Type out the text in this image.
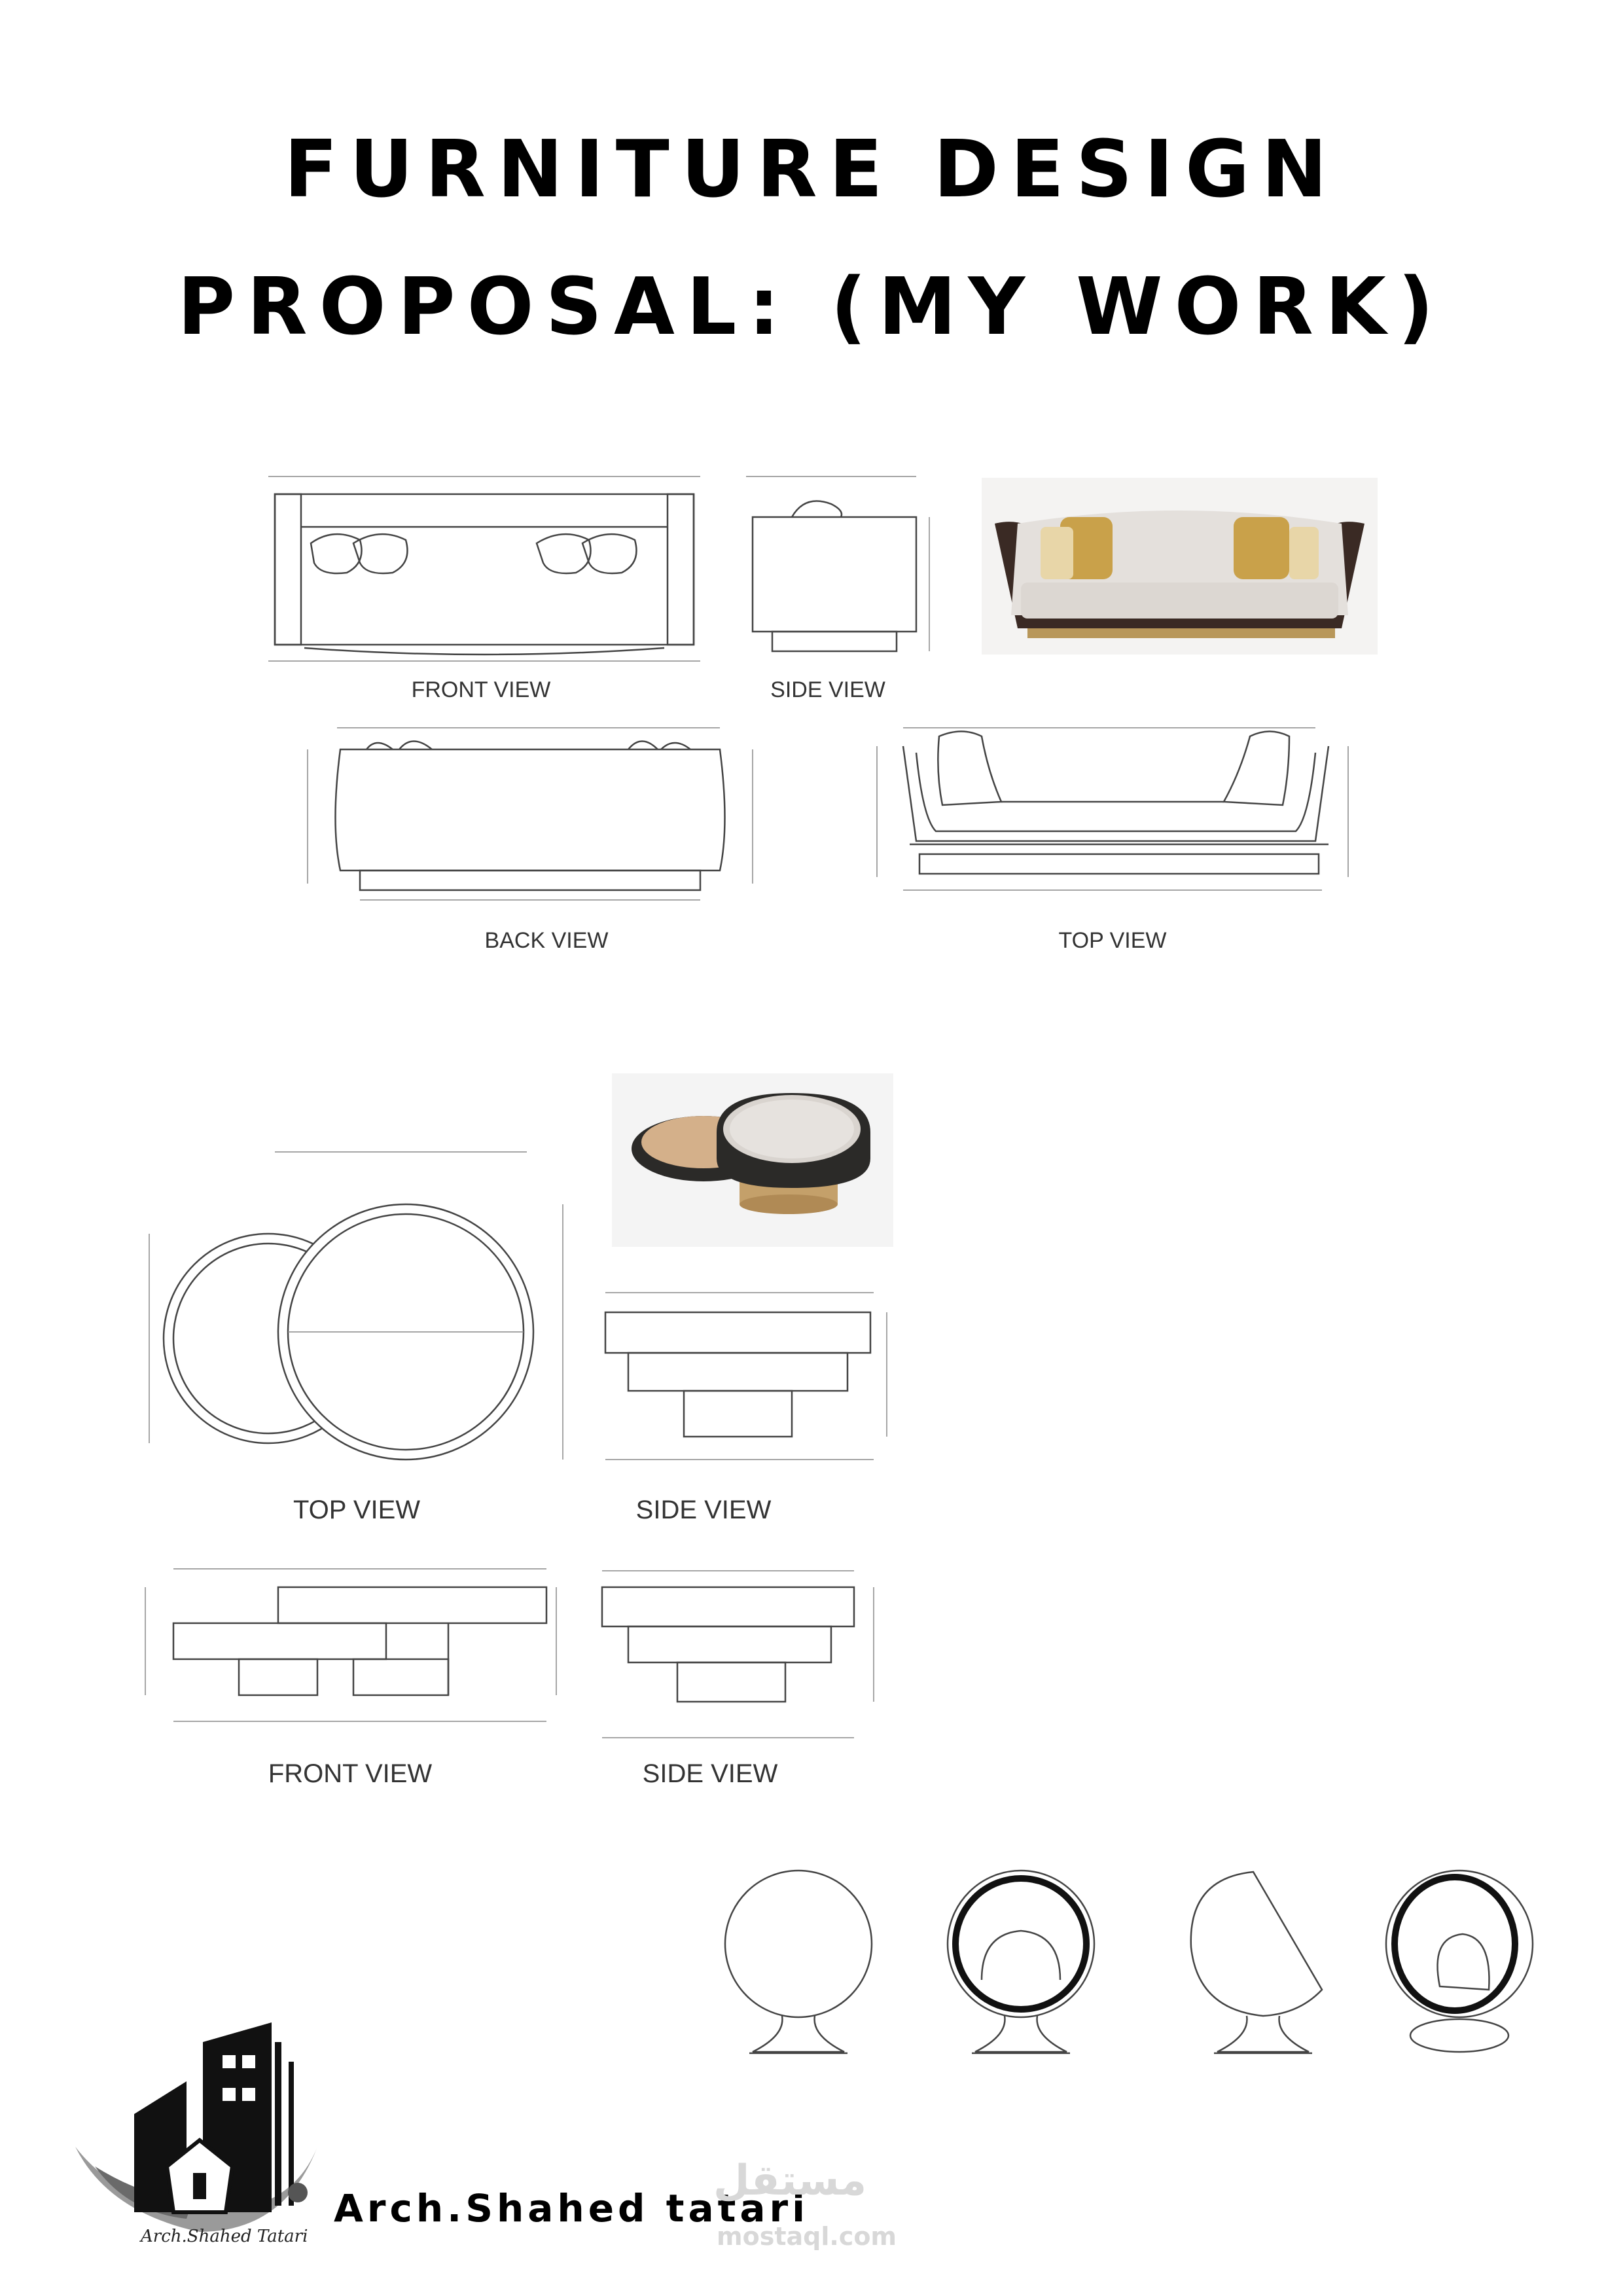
FURNITURE DESIGN
PROPOSAL: (MY WORK)
FRONT VIEW	SIDE VIEW
BACK VIEW	TOP VIEW
TOP VIEW	SIDE VIEW
FRONT VIEW	SIDE VIEW
Arch.Shahed Tatari
Arch.Shahed tatari
مستقل
mostaql.com
